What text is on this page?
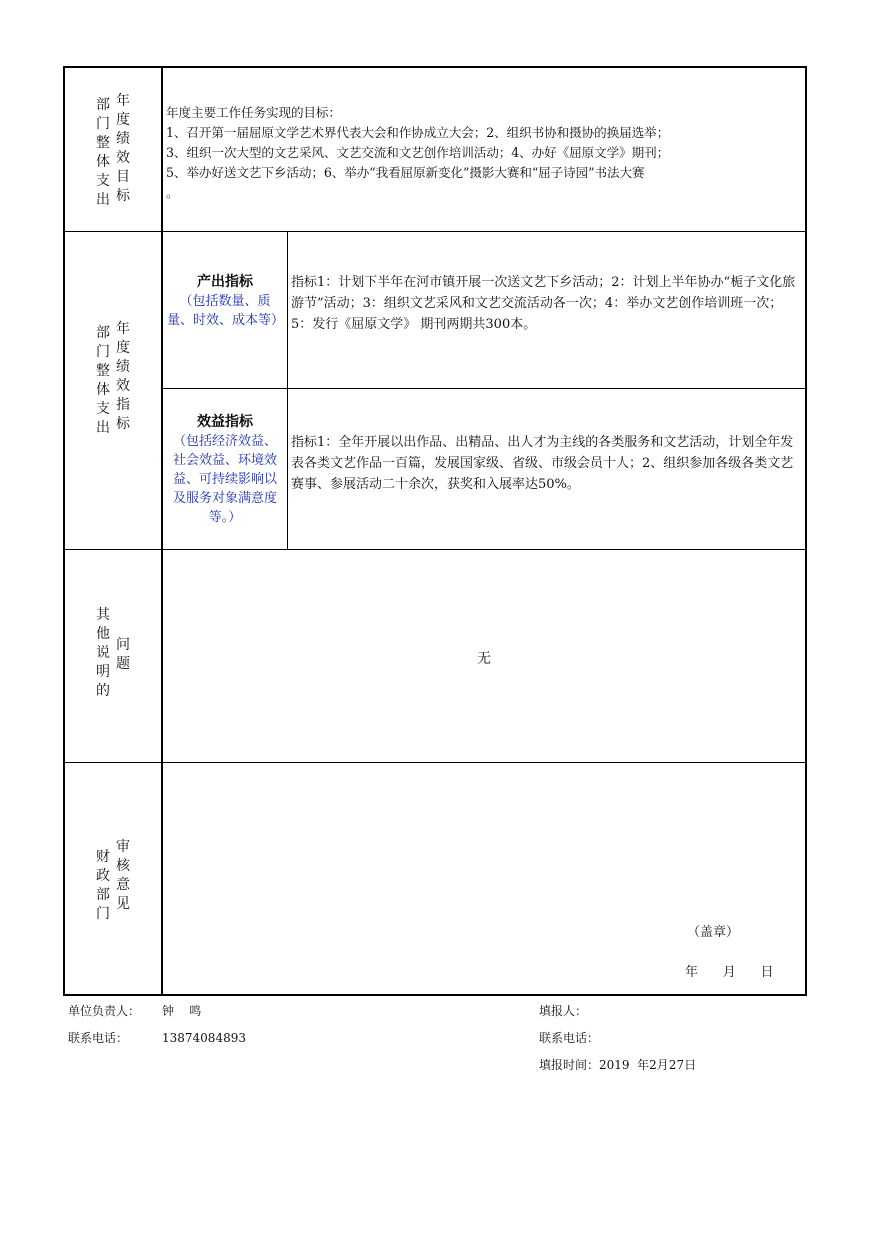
部
门
整
体
支
出
年
度
绩
效
目
标
年度主要工作任务实现的目标：
1、召开第一届屈原文学艺术界代表大会和作协成立大会；2、组织书协和摄协的换届选举；
3、组织一次大型的文艺采风、文艺交流和文艺创作培训活动；4、办好《屈原文学》期刊；
5、举办好送文艺下乡活动；6、举办“我看屈原新变化”摄影大赛和“屈子诗园”书法大赛
。
部
门
整
体
支
出
年
度
绩
效
指
标
产出指标
（包括数量、质量、时效、成本等）
指标1：计划下半年在河市镇开展一次送文艺下乡活动；2：计划上半年协办“栀子文化旅游节”活动；3：组织文艺采风和文艺交流活动各一次；4：举办文艺创作培训班一次；  5：发行《屈原文学》 期刊两期共300本。
效益指标
（包括经济效益、社会效益、环境效益、可持续影响以及服务对象满意度等。）
指标1：全年开展以出作品、出精品、出人才为主线的各类服务和文艺活动，计划全年发表各类文艺作品一百篇，发展国家级、省级、市级会员十人；2、组织参加各级各类文艺赛事、参展活动二十余次，获奖和入展率达50%。
其
他
说
明
的
问
题	无
财
政
部
门
审
核
意
见
（盖章）
年      月      日
单位负责人： 钟    鸣
联系电话：	13874084893
填报人：
联系电话：
填报时间：2019  年2月27日
